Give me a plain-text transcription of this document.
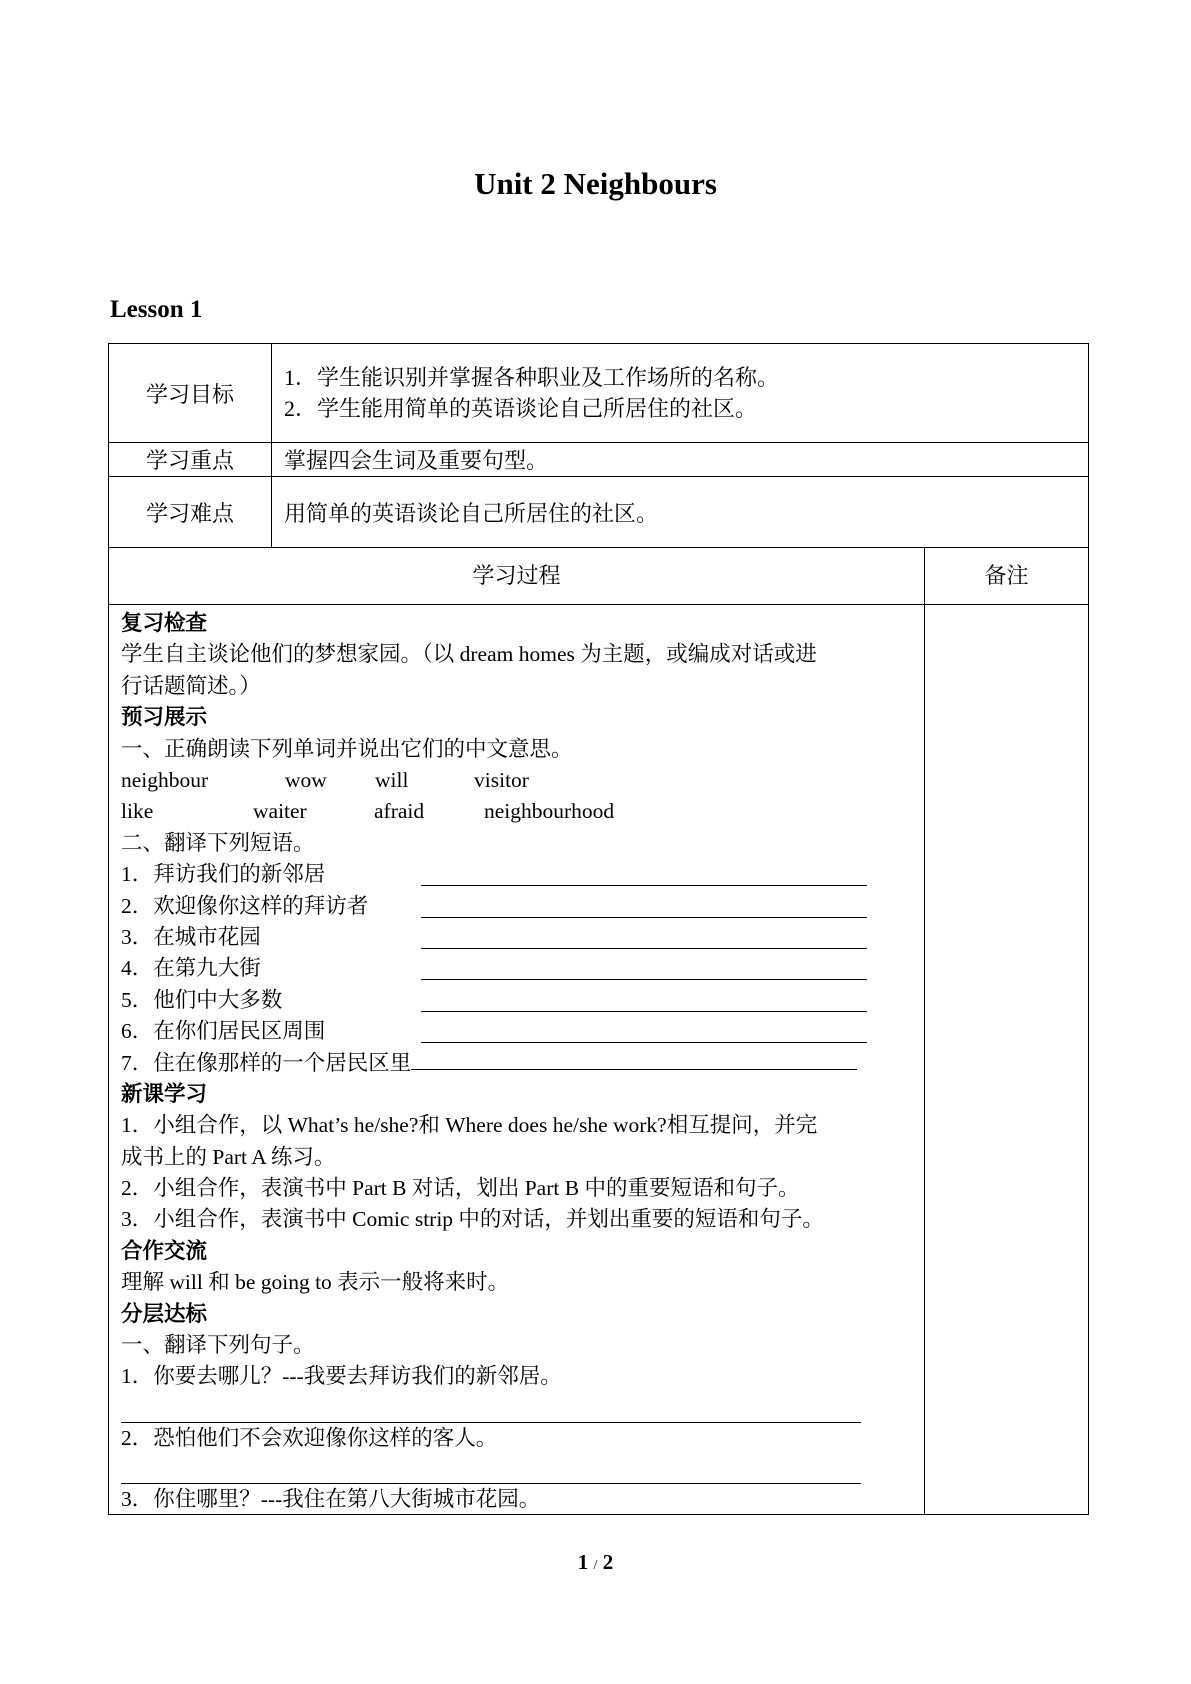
Unit 2 Neighbours
Lesson 1
学习目标	1．学生能识别并掌握各种职业及工作场所的名称。
2．学生能用简单的英语谈论自己所居住的社区。

学习重点	掌握四会生词及重要句型。
学习难点	用简单的英语谈论自己所居住的社区。
学习过程	备注
复习检查
学生自主谈论他们的梦想家园。（以 dream homes 为主题，或编成对话或进
行话题简述。）
预习展示
一、正确朗读下列单词并说出它们的中文意思。
neighbour	wow will	visitor
like	waiter	afraid	neighbourhood
二、翻译下列短语。
1．拜访我们的新邻居
2．欢迎像你这样的拜访者
3．在城市花园
4．在第九大街
5．他们中大多数
6．在你们居民区周围
7．住在像那样的一个居民区里
新课学习
1．小组合作，以 What’s he/she?和 Where does he/she work?相互提问，并完
成书上的 Part A 练习。
2．小组合作，表演书中 Part B 对话，划出 Part B 中的重要短语和句子。
3．小组合作，表演书中 Comic strip 中的对话，并划出重要的短语和句子。
合作交流
理解 will 和 be going to 表示一般将来时。
分层达标
一、翻译下列句子。
1．你要去哪儿？---我要去拜访我们的新邻居。
2．恐怕他们不会欢迎像你这样的客人。
3．你住哪里？---我住在第八大街城市花园。
1 / 2
